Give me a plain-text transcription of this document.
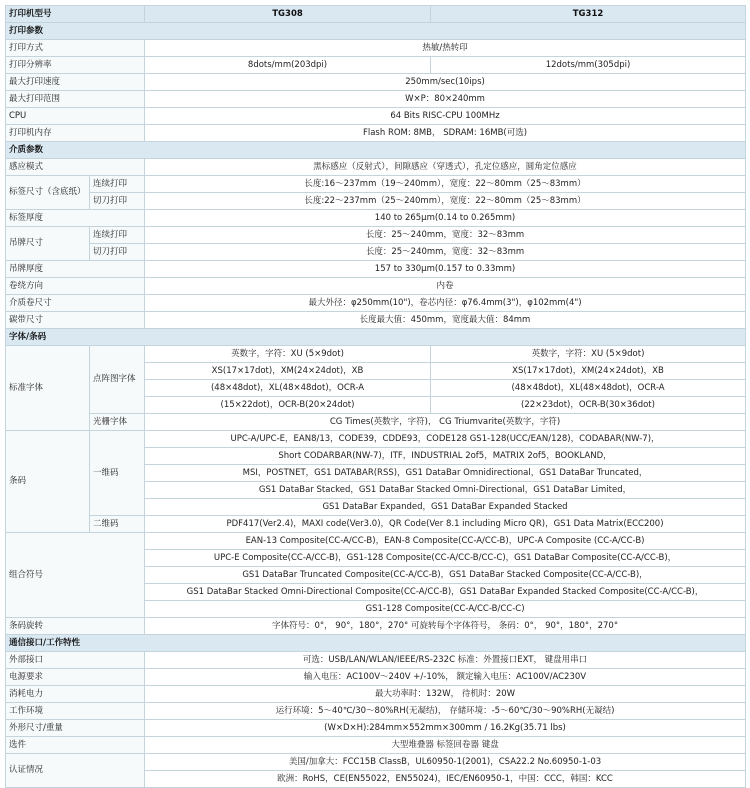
打印机型号		TG308	TG312
打印参数			
打印方式		热敏/热转印	
打印分辨率		8dots/mm(203dpi)	12dots/mm(305dpi)
最大打印速度		250mm/sec(10ips)	
最大打印范围		W×P：80×240mm	
CPU		64 Bits RISC-CPU 100MHz	
打印机内存		Flash ROM: 8MB， SDRAM: 16MB(可选)	
介质参数			
感应模式		黑标感应（反射式），间隙感应（穿透式），孔定位感应，圆角定位感应	
标签尺寸（含底纸）	连续打印	长度:16～237mm（19～240mm），宽度：22～80mm（25～83mm）	
	切刀打印	长度:22～237mm（25～240mm），宽度：22～80mm（25～83mm）	
标签厚度		140 to 265μm(0.14 to 0.265mm)	
吊牌尺寸	连续打印	长度：25～240mm，宽度：32～83mm	
	切刀打印	长度：25～240mm，宽度：32～83mm	
吊牌厚度		157 to 330μm(0.157 to 0.33mm)	
卷绕方向		内卷	
介质卷尺寸		最大外径：φ250mm(10")，卷芯内径：φ76.4mm(3")，φ102mm(4")	
碳带尺寸		长度最大值：450mm，宽度最大值：84mm	
字体/条码			
标准字体	点阵图字体	英数字，字符：XU (5×9dot)	英数字，字符：XU (5×9dot)
		XS(17×17dot)，XM(24×24dot)，XB	XS(17×17dot)，XM(24×24dot)，XB
		(48×48dot)，XL(48×48dot)，OCR-A	(48×48dot)，XL(48×48dot)，OCR-A
		(15×22dot)，OCR-B(20×24dot)	(22×23dot)，OCR-B(30×36dot)
	光栅字体	CG Times(英数字，字符)， CG Triumvarite(英数字，字符)	
条码	一维码	UPC-A/UPC-E，EAN8/13，CODE39，CDDE93，CODE128 GS1-128(UCC/EAN/128)，CODABAR(NW-7)，	
		Short CODARBAR(NW-7)，ITF，INDUSTRIAL 2of5，MATRIX 2of5，BOOKLAND，	
		MSI，POSTNET，GS1 DATABAR(RSS)，GS1 DataBar Omnidirectional，GS1 DataBar Truncated，	
		GS1 DataBar Stacked，GS1 DataBar Stacked Omni-Directional，GS1 DataBar Limited，	
		GS1 DataBar Expanded，GS1 DataBar Expanded Stacked	
	二维码	PDF417(Ver2.4)，MAXI code(Ver3.0)，QR Code(Ver 8.1 including Micro QR)，GS1 Data Matrix(ECC200)	
组合符号		EAN-13 Composite(CC-A/CC-B)，EAN-8 Composite(CC-A/CC-B)，UPC-A Composite (CC-A/CC-B)	
		UPC-E Composite(CC-A/CC-B)，GS1-128 Composite(CC-A/CC-B/CC-C)，GS1 DataBar Composite(CC-A/CC-B)，	
		GS1 DataBar Truncated Composite(CC-A/CC-B)，GS1 DataBar Stacked Composite(CC-A/CC-B)，	
		GS1 DataBar Stacked Omni-Directional Composite(CC-A/CC-B)，GS1 DataBar Expanded Stacked Composite(CC-A/CC-B)，	
		GS1-128 Composite(CC-A/CC-B/CC-C)	
条码旋转		字体符号：0°， 90°，180°，270° 可旋转每个字体符号， 条码：0°， 90°，180°，270°	
通信接口/工作特性			
外部接口		可选：USB/LAN/WLAN/IEEE/RS-232C 标准：外置接口EXT， 键盘用串口	
电源要求		输入电压：AC100V～240V +/-10%， 额定输入电压：AC100V/AC230V	
消耗电力		最大功率时：132W， 待机时：20W	
工作环境		运行环境：5～40℃/30～80%RH(无凝结)， 存储环境：-5～60℃/30～90%RH(无凝结)	
外形尺寸/重量		(W×D×H):284mm×552mm×300mm / 16.2Kg(35.71 lbs)	
选件		大型堆叠器 标签回卷器 键盘	
认证情况		美国/加拿大：FCC15B ClassB，UL60950-1(2001)，CSA22.2 No.60950-1-03	
		欧洲：RoHS，CE(EN55022，EN55024)，IEC/EN60950-1，中国：CCC，韩国：KCC	
